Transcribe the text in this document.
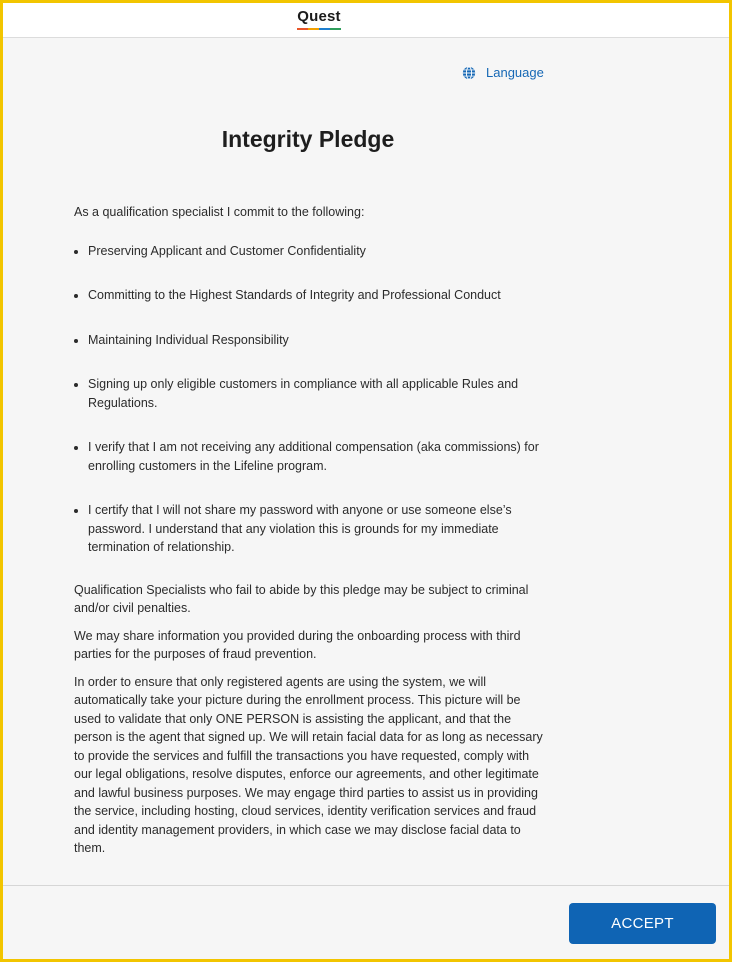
Quest
Language
Integrity Pledge

As a qualification specialist I commit to the following:

• Preserving Applicant and Customer Confidentiality
• Committing to the Highest Standards of Integrity and Professional Conduct
• Maintaining Individual Responsibility
• Signing up only eligible customers in compliance with all applicable Rules and Regulations.
• I verify that I am not receiving any additional compensation (aka commissions) for enrolling customers in the Lifeline program.
• I certify that I will not share my password with anyone or use someone else’s password. I understand that any violation this is grounds for my immediate termination of relationship.

Qualification Specialists who fail to abide by this pledge may be subject to criminal and/or civil penalties.

We may share information you provided during the onboarding process with third parties for the purposes of fraud prevention.

In order to ensure that only registered agents are using the system, we will automatically take your picture during the enrollment process. This picture will be used to validate that only ONE PERSON is assisting the applicant, and that the person is the agent that signed up. We will retain facial data for as long as necessary to provide the services and fulfill the transactions you have requested, comply with our legal obligations, resolve disputes, enforce our agreements, and other legitimate and lawful business purposes. We may engage third parties to assist us in providing the service, including hosting, cloud services, identity verification services and fraud and identity management providers, in which case we may disclose facial data to them.

ACCEPT
